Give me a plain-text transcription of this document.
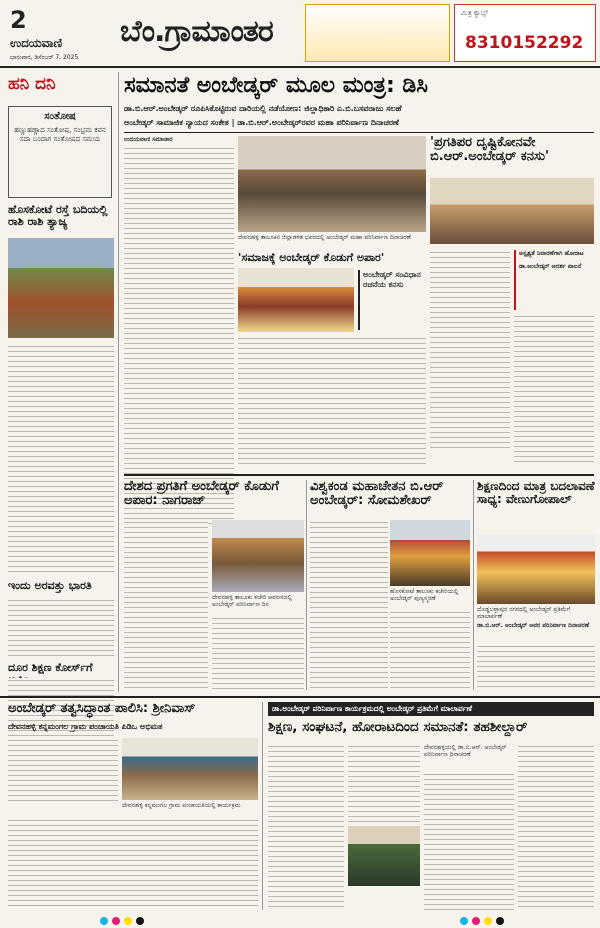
2
ಉದಯವಾಣಿ
ಭಾನುವಾರ, ಡಿಸೆಂಬರ್ 7, 2025
ಬೆಂ.ಗ್ರಾಮಾಂತರ
ಮಿತ್ರ ಕ್ಯಾಬ್ಸ್
8310152292
ಹನಿ ದನಿ
ಸಂತೋಷ
ಹಣ್ಣುಹಣ್ಣಾದ ಸಂತೋಷ, ಸಂಭ್ರಮ ಕವನ ಸದಾ ಬಂದಾಗ ಸಂತೋಷದ ಸಮಯ
ಹೊಸಕೋಟೆ ರಸ್ತೆ ಬದಿಯಲ್ಲಿ ರಾಶಿ ರಾಶಿ ತ್ಯಾಜ್ಯ
ಇಂದು ಅರವತ್ತು ಭಾರತಿ
ದೂರ ಶಿಕ್ಷಣ ಕೋರ್ಸ್‌ಗೆ
ಸಮಾನತೆ ಅಂಬೇಡ್ಕರ್ ಮೂಲ ಮಂತ್ರ: ಡಿಸಿ
ಡಾ.ಬಿ.ಆರ್.ಅಂಬೇಡ್ಕರ್ ರೂಪಿಸಿಕೊಟ್ಟಿರುವ ದಾರಿಯಲ್ಲಿ ನಡೆಯೋಣ: ಜಿಲ್ಲಾಧಿಕಾರಿ ಎ.ಬಿ.ಬಸವರಾಜು ಸಲಹೆ
ಅಂಬೇಡ್ಕರ್ ಸಾಮಾಜಿಕ ನ್ಯಾಯದ ಸಂಕೇತ | ಡಾ.ಬಿ.ಆರ್.ಅಂಬೇಡ್ಕರ್‌ರವರ ಮಹಾ ಪರಿನಿರ್ವಾಣ ದಿನಾಚರಣೆ
ಉದಯವಾಣಿ ಸಮಾಚಾರ
ದೇವನಹಳ್ಳಿ ತಾಲೂಕಿನ ಜಿಲ್ಲಾಡಳಿತ ಭವನದಲ್ಲಿ ಅಂಬೇಡ್ಕರ್ ಮಹಾ ಪರಿನಿರ್ವಾಣ ದಿನಾಚರಣೆ
'ಪ್ರಗತಿಪರ ದೃಷ್ಟಿಕೋನವೇ ಬಿ.ಆರ್.ಅಂಬೇಡ್ಕರ್ ಕನಸು'
ಅಸ್ಪೃಶ್ಯತೆ ನಿವಾರಣೆಗಾಗಿ ಹೋರಾಟ
ಡಾ.ಅಂಬೇಡ್ಕರ್ ಆದರ್ಶ ಪಾಲನೆ
'ಸಮಾಜಕ್ಕೆ ಅಂಬೇಡ್ಕರ್ ಕೊಡುಗೆ ಅಪಾರ'
ಅಂಬೇಡ್ಕರ್ ಸಂವಿಧಾನ ರಚನೆಯ ಕನಸು
ದೇಶದ ಪ್ರಗತಿಗೆ ಅಂಬೇಡ್ಕರ್ ಕೊಡುಗೆ ಅಪಾರ: ನಾಗರಾಜ್
ದೇವನಹಳ್ಳಿ ತಾಲೂಕು ಕಚೇರಿ ಆವರಣದಲ್ಲಿ ಅಂಬೇಡ್ಕರ್ ಪರಿನಿರ್ವಾಣ ದಿನ
ವಿಶ್ವಕಂಡ ಮಹಾಚೇತನ ಬಿ.ಆರ್ ಅಂಬೇಡ್ಕರ್: ಸೋಮಶೇಖರ್
ಹೊಸಕೋಟೆ ತಾಲೂಕು ಕಚೇರಿಯಲ್ಲಿ ಅಂಬೇಡ್ಕರ್ ಪುಣ್ಯಸ್ಮರಣೆ
ಶಿಕ್ಷಣದಿಂದ ಮಾತ್ರ ಬದಲಾವಣೆ ಸಾಧ್ಯ: ವೇಣುಗೋಪಾಲ್
ದೊಡ್ಡಬಳ್ಳಾಪುರ ನಗರದಲ್ಲಿ ಅಂಬೇಡ್ಕರ್ ಪ್ರತಿಮೆಗೆ ಮಾಲಾರ್ಪಣೆ
ಡಾ.ಬಿ.ಆರ್. ಅಂಬೇಡ್ಕರ್ ಅವರ ಪರಿನಿರ್ವಾಣ ದಿನಾಚರಣೆ
ಅಂಬೇಡ್ಕರ್ ತತ್ವಸಿದ್ಧಾಂತ ಪಾಲಿಸಿ: ಶ್ರೀನಿವಾಸ್
ದೇವನಹಳ್ಳಿ ಕನ್ನಮಂಗಲ ಗ್ರಾಮ ಪಂಚಾಯತಿ ಪಿಡಿಒ ಅಭಿಮತ
ದೇವನಹಳ್ಳಿ ಕನ್ನಮಂಗಲ ಗ್ರಾಮ ಪಂಚಾಯತಿಯಲ್ಲಿ ಕಾರ್ಯಕ್ರಮ
ಡಾ.ಅಂಬೇಡ್ಕರ್ ಪರಿನಿರ್ವಾಣ ಕಾರ್ಯಕ್ರಮದಲ್ಲಿ ಅಂಬೇಡ್ಕರ್ ಪ್ರತಿಮೆಗೆ ಮಾಲಾರ್ಪಣೆ
ಶಿಕ್ಷಣ, ಸಂಘಟನೆ, ಹೋರಾಟದಿಂದ ಸಮಾನತೆ: ತಹಶೀಲ್ದಾರ್
ದೇವನಹಳ್ಳಿಯಲ್ಲಿ ಡಾ.ಬಿ.ಆರ್. ಅಂಬೇಡ್ಕರ್ ಪರಿನಿರ್ವಾಣ ದಿನಾಚರಣೆ
